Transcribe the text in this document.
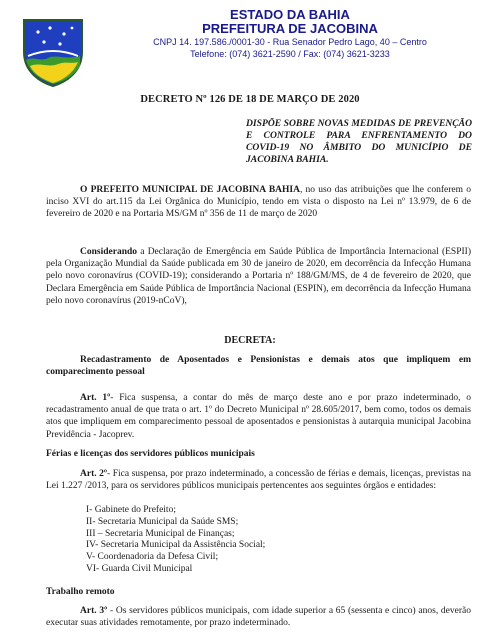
ESTADO DA BAHIA
PREFEITURA DE JACOBINA
CNPJ 14. 197.586./0001-30 - Rua Senador Pedro Lago, 40 – Centro
Telefone: (074) 3621-2590 / Fax: (074) 3621-3233
DECRETO Nº 126 DE 18 DE MARÇO DE 2020
DISPÕE SOBRE NOVAS MEDIDAS DE PREVENÇÃO E CONTROLE PARA ENFRENTAMENTO DO COVID-19 NO ÂMBITO DO MUNICÍPIO DE JACOBINA BAHIA.
O PREFEITO MUNICIPAL DE JACOBINA BAHIA, no uso das atribuições que lhe conferem o inciso XVI do art.115 da Lei Orgânica do Município, tendo em vista o disposto na Lei nº 13.979, de 6 de fevereiro de 2020 e na Portaria MS/GM nº 356 de 11 de março de 2020
Considerando a Declaração de Emergência em Saúde Pública de Importância Internacional (ESPII) pela Organização Mundial da Saúde publicada em 30 de janeiro de 2020, em decorrência da Infecção Humana pelo novo coronavírus (COVID-19); considerando a Portaria nº 188/GM/MS, de 4 de fevereiro de 2020, que Declara Emergência em Saúde Pública de Importância Nacional (ESPIN), em decorrência da Infecção Humana pelo novo coronavírus (2019-nCoV),
DECRETA:
Recadastramento de Aposentados e Pensionistas e demais atos que impliquem em comparecimento pessoal
Art. 1º- Fica suspensa, a contar do mês de março deste ano e por prazo indeterminado, o recadastramento anual de que trata o art. 1º do Decreto Municipal nº 28.605/2017, bem como, todos os demais atos que impliquem em comparecimento pessoal de aposentados e pensionistas à autarquia municipal Jacobina Previdência - Jacoprev.
Férias e licenças dos servidores públicos municipais
Art. 2º- Fica suspensa, por prazo indeterminado, a concessão de férias e demais, licenças, previstas na Lei 1.227 /2013, para os servidores públicos municipais pertencentes aos seguintes órgãos e entidades:
I- Gabinete do Prefeito;
II- Secretaria Municipal da Saúde SMS;
III – Secretaria Municipal de Finanças;
IV- Secretaria Municipal da Assistência Social;
V- Coordenadoria da Defesa Civil;
VI- Guarda Civil Municipal
Trabalho remoto
Art. 3º - Os servidores públicos municipais, com idade superior a 65 (sessenta e cinco) anos, deverão executar suas atividades remotamente, por prazo indeterminado.
